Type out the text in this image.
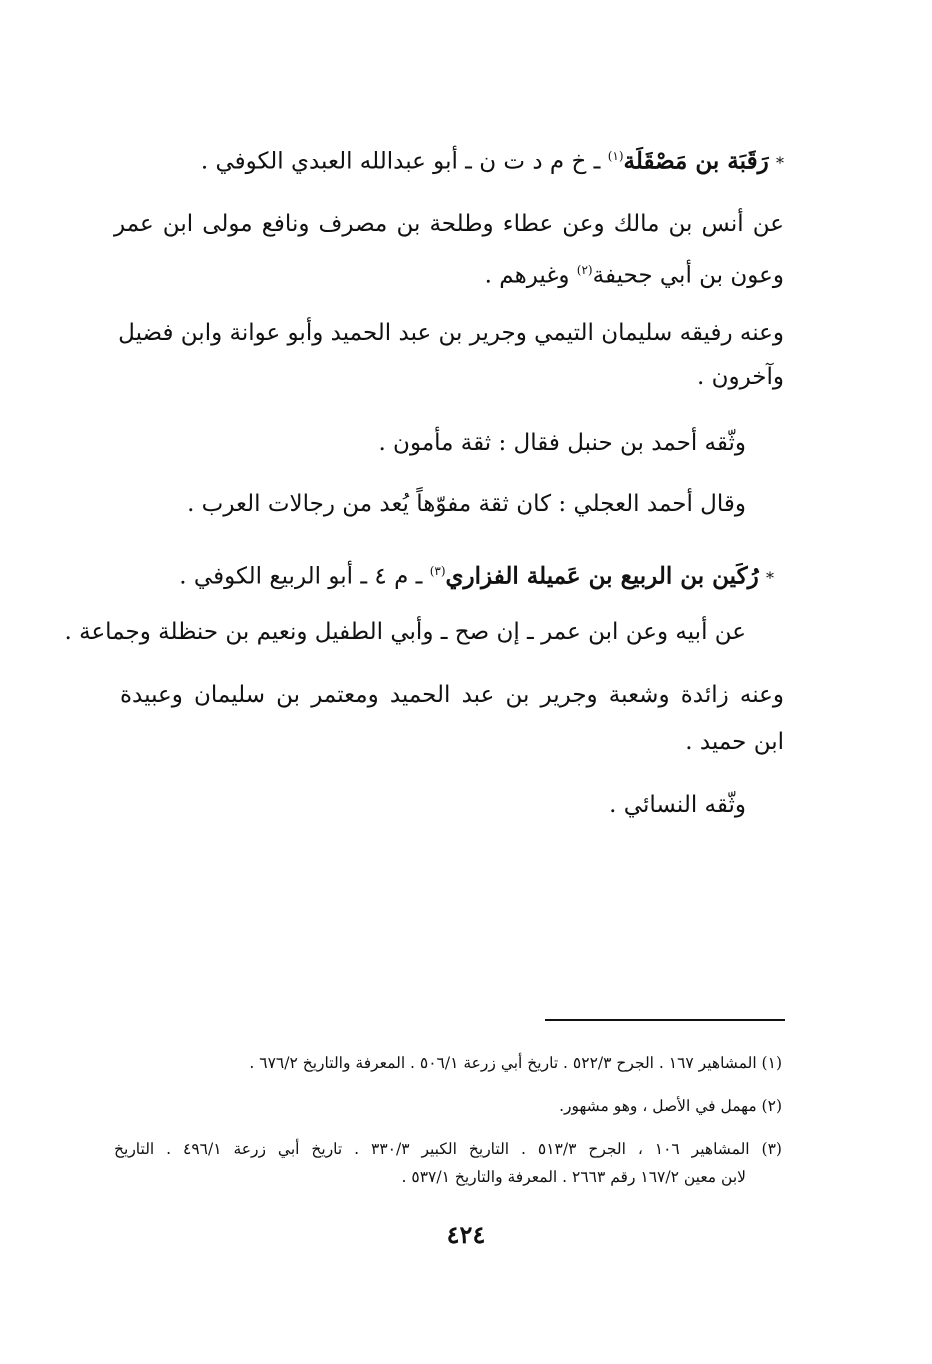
* رَقَبَة بن مَصْقَلَة$^{(١)}$ ـ خ م د ت ن ـ أبو عبدالله العبدي الكوفي .
عن أنس بن مالك وعن عطاء وطلحة بن مصرف ونافع مولى ابن عمر
وعون بن أبي جحيفة$^{(٢)}$ وغيرهم .
وعنه رفيقه سليمان التيمي وجرير بن عبد الحميد وأبو عوانة وابن فضيل
وآخرون .
وثّقه أحمد بن حنبل فقال : ثقة مأمون .
وقال أحمد العجلي : كان ثقة مفوّهاً يُعد من رجالات العرب .
* رُكَين بن الربيع بن عَميلة الفزاري$^{(٣)}$ ـ م ٤ ـ أبو الربيع الكوفي .
عن أبيه وعن ابن عمر ـ إن صح ـ وأبي الطفيل ونعيم بن حنظلة وجماعة .
وعنه زائدة وشعبة وجرير بن عبد الحميد ومعتمر بن سليمان وعبيدة
ابن حميد .
وثّقه النسائي .
(١) المشاهير ١٦٧ . الجرح ٥٢٢/٣ . تاريخ أبي زرعة ٥٠٦/١ . المعرفة والتاريخ ٦٧٦/٢ .
(٢) مهمل في الأصل ، وهو مشهور.
(٣) المشاهير ١٠٦ ، الجرح ٥١٣/٣ . التاريخ الكبير ٣٣٠/٣ . تاريخ أبي زرعة ٤٩٦/١ . التاريخ
لابن معين ١٦٧/٢ رقم ٢٦٦٣ . المعرفة والتاريخ ٥٣٧/١ .
٤٢٤
